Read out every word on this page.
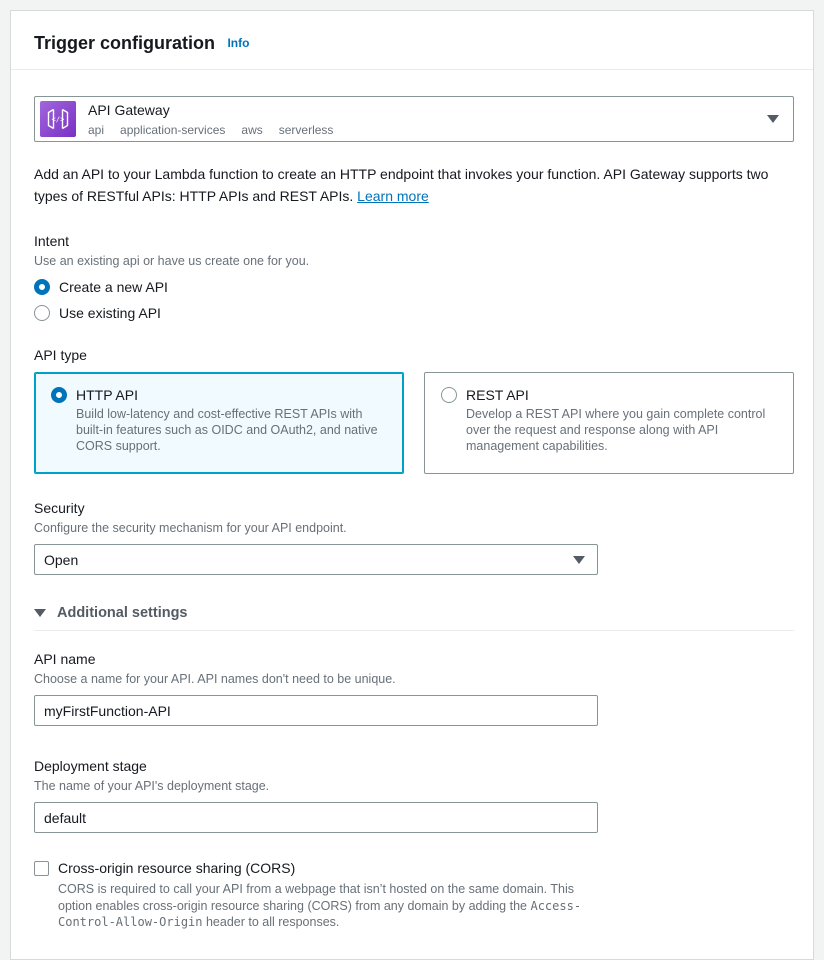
Trigger configuration Info
</>
API Gateway
api application-services aws serverless

Add an API to your Lambda function to create an HTTP endpoint that invokes your function. API Gateway supports two types of RESTful APIs: HTTP APIs and REST APIs. Learn more

Intent
Use an existing api or have us create one for you.
Create a new API
Use existing API
API type
HTTP API
Build low-latency and cost-effective REST APIs with built-in features such as OIDC and OAuth2, and native CORS support.
REST API
Develop a REST API where you gain complete control over the request and response along with API management capabilities.
Security
Configure the security mechanism for your API endpoint.
Open
Additional settings
API name
Choose a name for your API. API names don't need to be unique.
myFirstFunction-API
Deployment stage
The name of your API's deployment stage.
default
Cross-origin resource sharing (CORS)
CORS is required to call your API from a webpage that isn’t hosted on the same domain. This option enables cross-origin resource sharing (CORS) from any domain by adding the Access-Control-Allow-Origin header to all responses.
